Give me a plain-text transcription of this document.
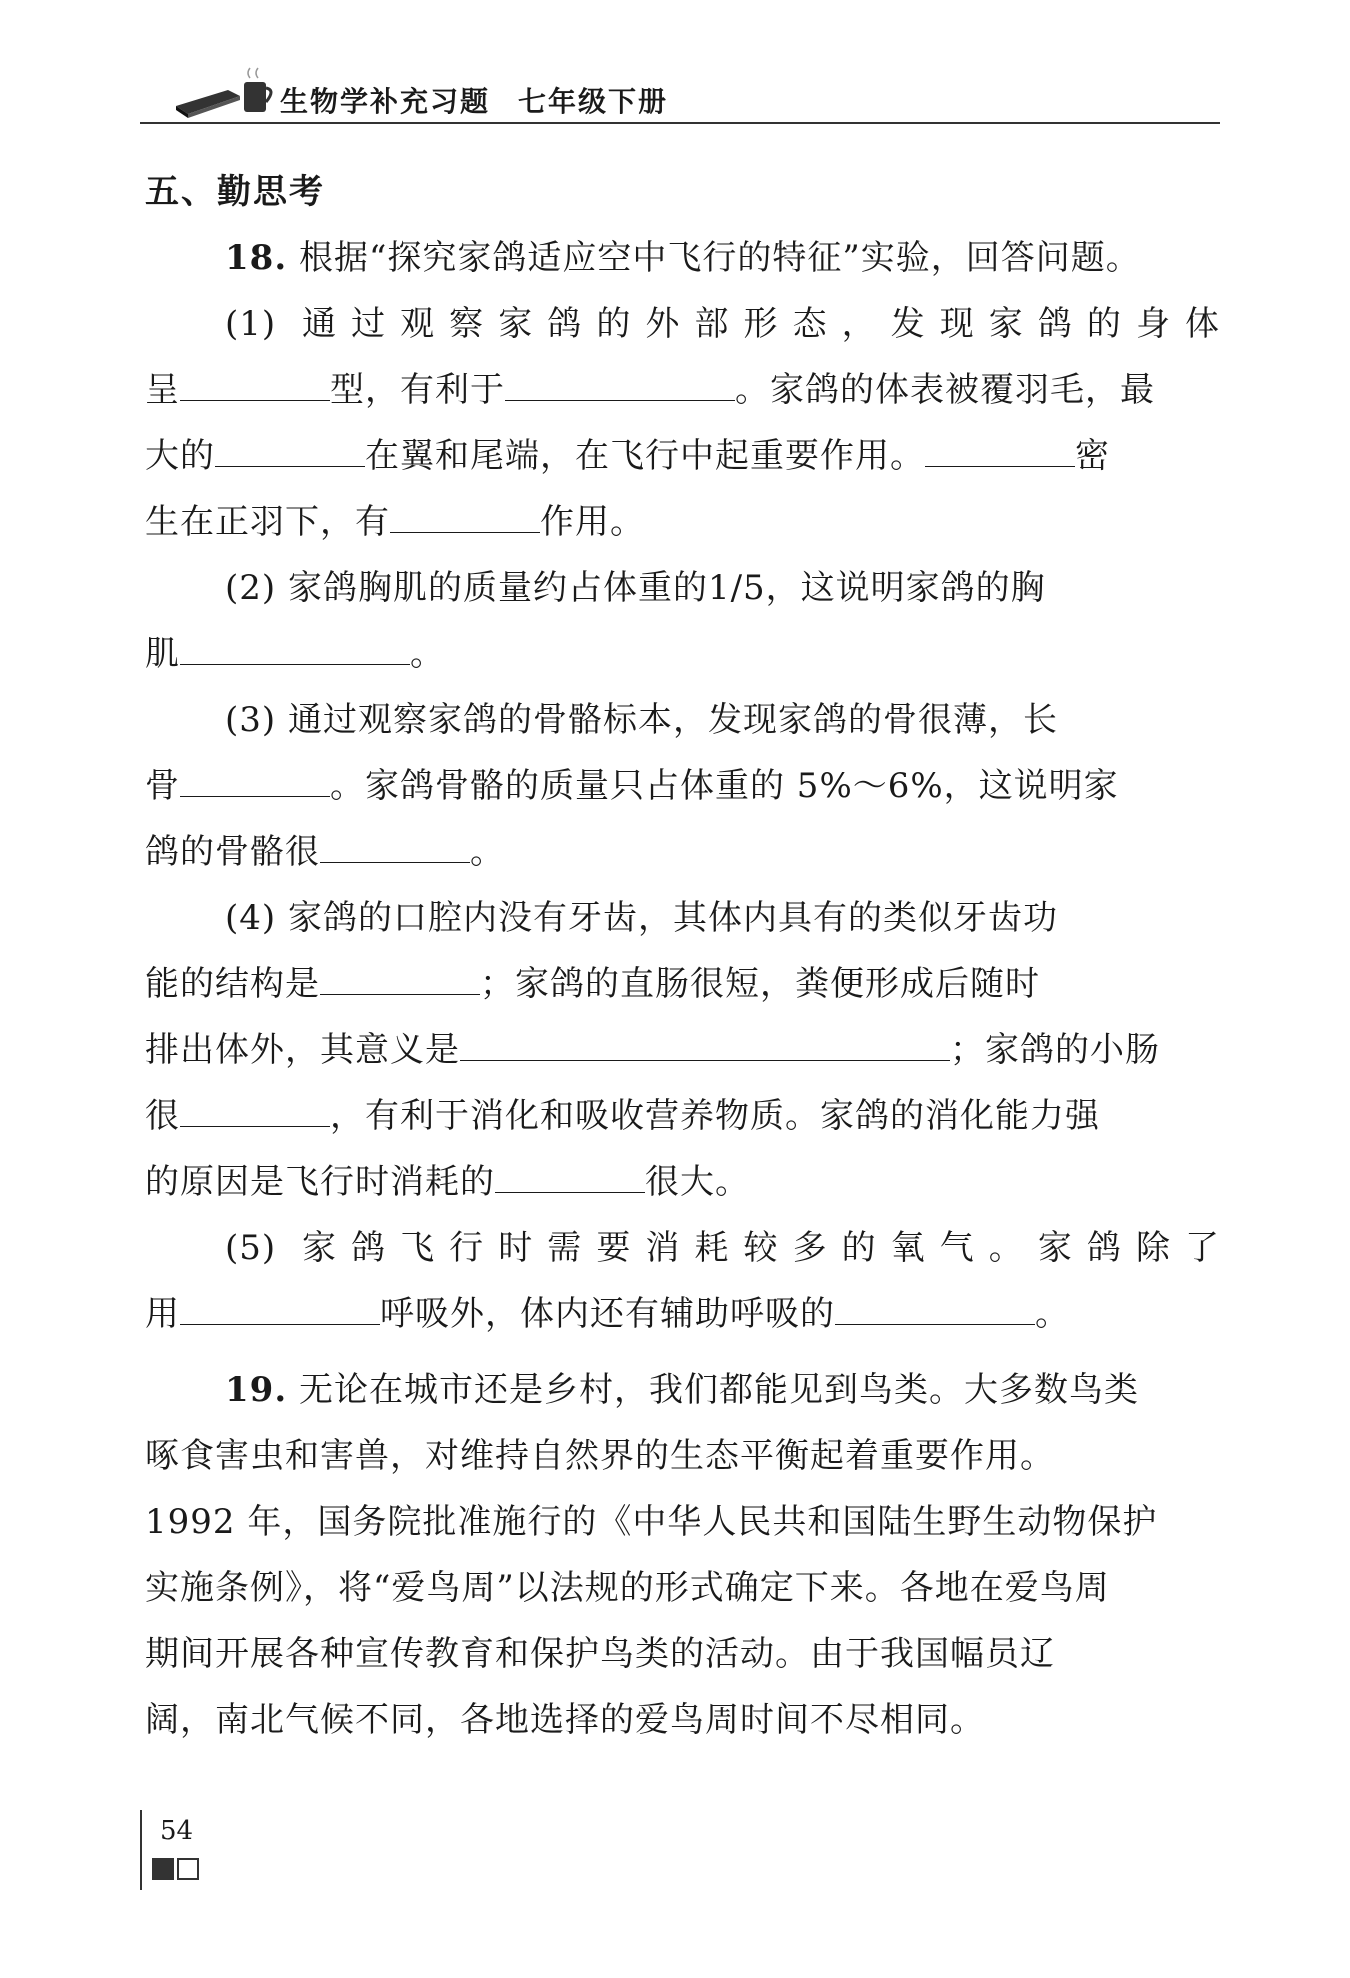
生物学补充习题 七年级下册
五、勤思考
18. 根据“探究家鸽适应空中飞行的特征”实验，回答问题。
(1) 通过观察家鸽的外部形态，发现家鸽的身体
呈	型，有利于	。家鸽的体表被覆羽毛，最
大的	在翼和尾端，在飞行中起重要作用。	密
生在正羽下，有	作用。
(2) 家鸽胸肌的质量约占体重的1/5，这说明家鸽的胸
肌	。
(3) 通过观察家鸽的骨骼标本，发现家鸽的骨很薄，长
骨	。家鸽骨骼的质量只占体重的 5%～6%，这说明家
鸽的骨骼很	。
(4) 家鸽的口腔内没有牙齿，其体内具有的类似牙齿功
能的结构是	；家鸽的直肠很短，粪便形成后随时
排出体外，其意义是	；家鸽的小肠
很	，有利于消化和吸收营养物质。家鸽的消化能力强
的原因是飞行时消耗的	很大。
(5) 家鸽飞行时需要消耗较多的氧气。家鸽除了
用	呼吸外，体内还有辅助呼吸的	。
19. 无论在城市还是乡村，我们都能见到鸟类。大多数鸟类
啄食害虫和害兽，对维持自然界的生态平衡起着重要作用。
1992 年，国务院批准施行的《中华人民共和国陆生野生动物保护
实施条例》，将“爱鸟周”以法规的形式确定下来。各地在爱鸟周
期间开展各种宣传教育和保护鸟类的活动。由于我国幅员辽
阔，南北气候不同，各地选择的爱鸟周时间不尽相同。
54
